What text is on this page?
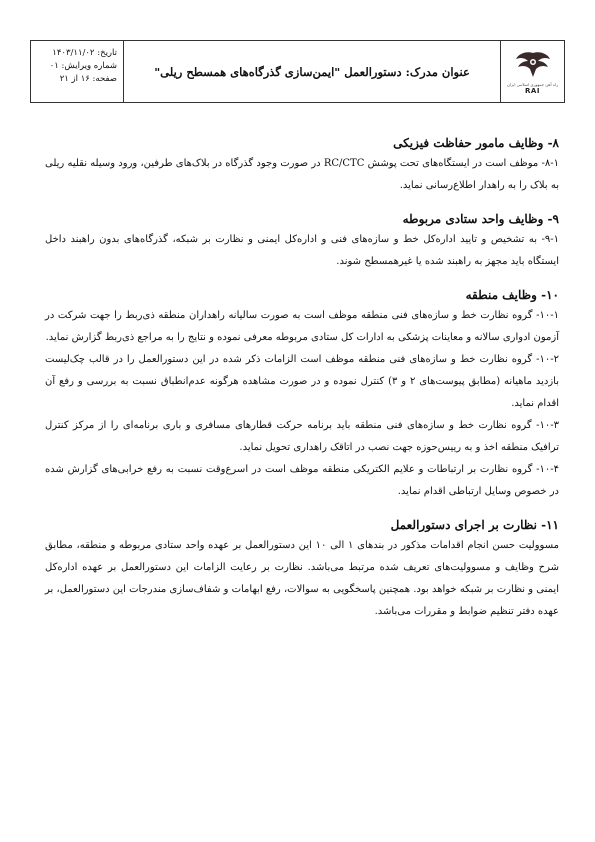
تاریخ: ۱۴۰۳/۱۱/۰۲
شماره ویرایش: ۰۱
صفحه: ۱۶ از ۲۱
عنوان مدرک: دستورالعمل "ایمن‌سازی گذرگاه‌های همسطح ریلی"
راه آهن جمهوری اسلامی ایران
RAI

۸- وظایف مامور حفاظت فیزیکی

۸-۱- موظف است در ایستگاه‌های تحت پوشش RC/CTC در صورت وجود گذرگاه در بلاک‌های طرفین، ورود وسیله نقلیه ریلی به بلاک را به راهدار اطلاع‌رسانی نماید.

۹- وظایف واحد ستادی مربوطه

۹-۱- به تشخیص و تایید اداره‌کل خط و سازه‌های فنی و اداره‌کل ایمنی و نظارت بر شبکه، گذرگاه‌های بدون راهبند داخل ایستگاه باید مجهز به راهبند شده یا غیرهمسطح شوند.

۱۰- وظایف منطقه

۱۰-۱- گروه نظارت خط و سازه‌های فنی منطقه موظف است به صورت سالیانه راهداران منطقه ذی‌ربط را جهت شرکت در آزمون ادواری سالانه و معاینات پزشکی به ادارات کل ستادی مربوطه معرفی نموده و نتایج را به مراجع ذی‌ربط گزارش نماید.

۱۰-۲- گروه نظارت خط و سازه‌های فنی منطقه موظف است الزامات ذکر شده در این دستورالعمل را در قالب چک‌لیست بازدید ماهیانه (مطابق پیوست‌های ۲ و ۳) کنترل نموده و در صورت مشاهده هرگونه عدم‌انطباق نسبت به بررسی و رفع آن اقدام نماید.

۱۰-۳- گروه نظارت خط و سازه‌های فنی منطقه باید برنامه حرکت قطارهای مسافری و باری برنامه‌ای را از مرکز کنترل ترافیک منطقه اخذ و به رییس‌حوزه جهت نصب در اتاقک راهداری تحویل نماید.

۱۰-۴- گروه نظارت بر ارتباطات و علایم الکتریکی منطقه موظف است در اسرع‌وقت نسبت به رفع خرابی‌های گزارش شده در خصوص وسایل ارتباطی اقدام نماید.

۱۱- نظارت بر اجرای دستورالعمل

مسوولیت حسن انجام اقدامات مذکور در بندهای ۱ الی ۱۰ این دستورالعمل بر عهده واحد ستادی مربوطه و منطقه، مطابق شرح وظایف و مسوولیت‌های تعریف شده مرتبط می‌باشد. نظارت بر رعایت الزامات این دستورالعمل بر عهده اداره‌کل ایمنی و نظارت بر شبکه خواهد بود. همچنین پاسخگویی به سوالات، رفع ابهامات و شفاف‌سازی مندرجات این دستورالعمل، بر عهده دفتر تنظیم ضوابط و مقررات می‌باشد.
